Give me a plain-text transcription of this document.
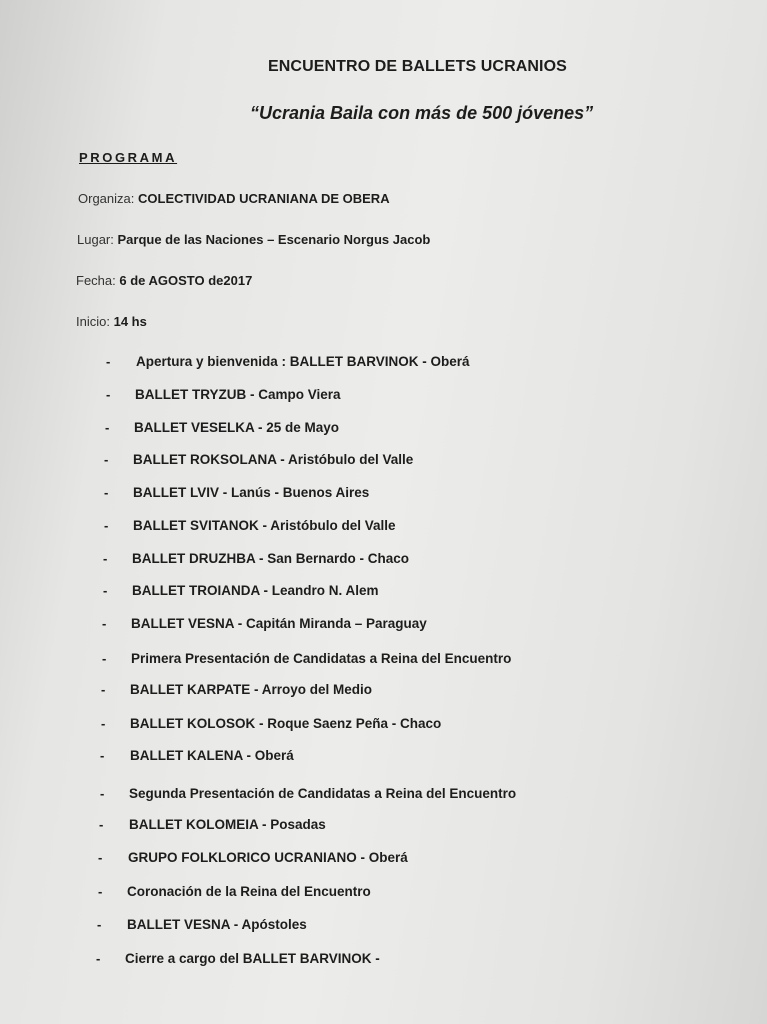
ENCUENTRO DE BALLETS UCRANIOS
“Ucrania Baila con más de 500 jóvenes”
PROGRAMA
Organiza: COLECTIVIDAD UCRANIANA DE OBERA
Lugar: Parque de las Naciones – Escenario Norgus Jacob
Fecha: 6 de AGOSTO de2017
Inicio: 14 hs
- Apertura y bienvenida : BALLET BARVINOK - Oberá
- BALLET TRYZUB - Campo Viera
- BALLET VESELKA - 25 de Mayo
- BALLET ROKSOLANA - Aristóbulo del Valle
- BALLET LVIV - Lanús - Buenos Aires
- BALLET SVITANOK - Aristóbulo del Valle
- BALLET DRUZHBA - San Bernardo - Chaco
- BALLET TROIANDA - Leandro N. Alem
- BALLET VESNA - Capitán Miranda – Paraguay
- Primera Presentación de Candidatas a Reina del Encuentro
- BALLET KARPATE - Arroyo del Medio
- BALLET KOLOSOK - Roque Saenz Peña - Chaco
- BALLET KALENA - Oberá
- Segunda Presentación de Candidatas a Reina del Encuentro
- BALLET KOLOMEIA - Posadas
- GRUPO FOLKLORICO UCRANIANO - Oberá
- Coronación de la Reina del Encuentro
- BALLET VESNA - Apóstoles
- Cierre a cargo del BALLET BARVINOK -
